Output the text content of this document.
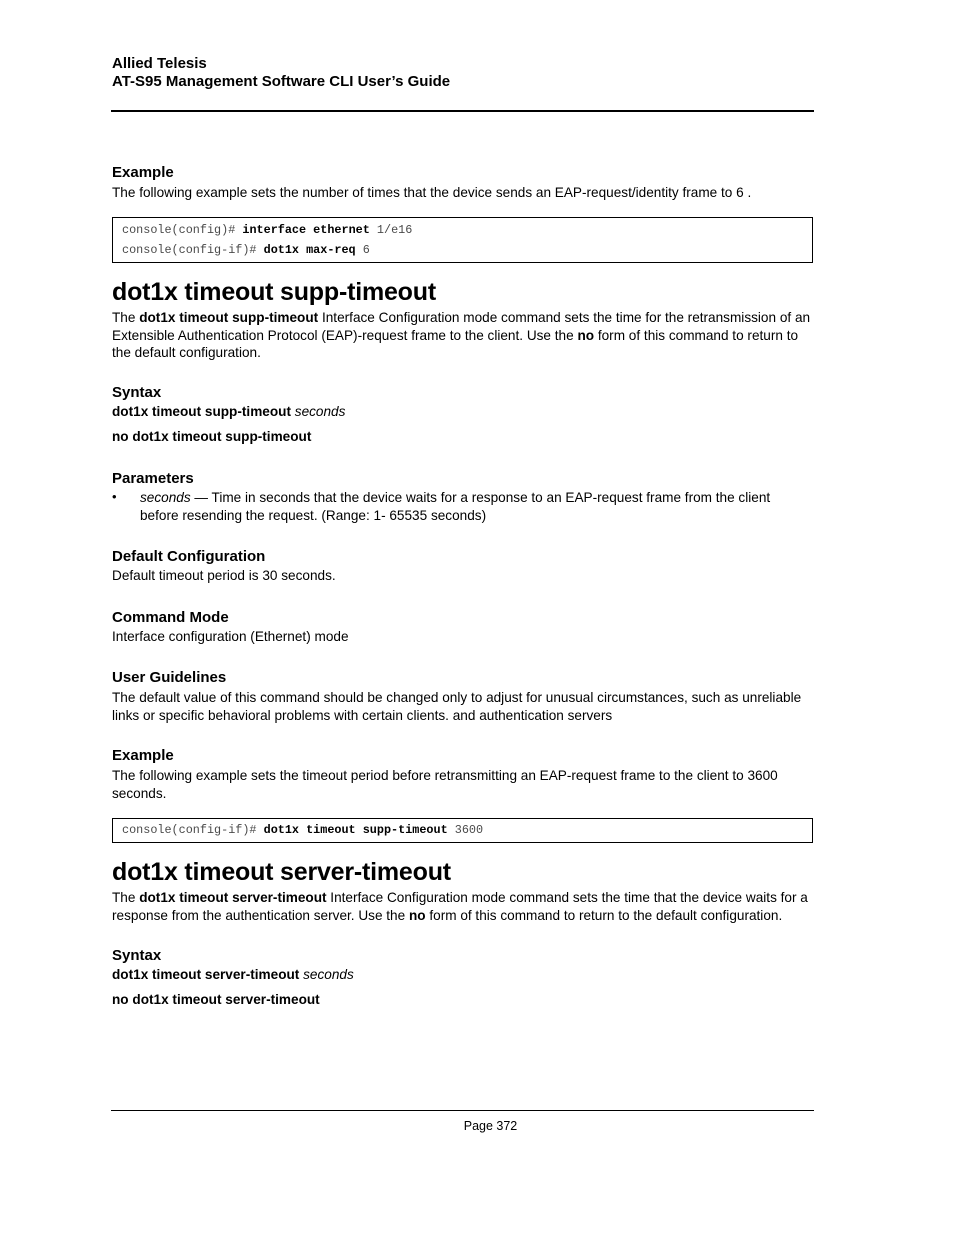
Allied Telesis
AT-S95 Management Software CLI User’s Guide
Example
The following example sets the number of times that the device sends an EAP-request/identity frame to 6 .
console(config)# interface ethernet 1/e16
console(config-if)# dot1x max-req 6
dot1x timeout supp-timeout
The dot1x timeout supp-timeout Interface Configuration mode command sets the time for the retransmission of an Extensible Authentication Protocol (EAP)-request frame to the client. Use the no form of this command to return to the default configuration.
Syntax
dot1x timeout supp-timeout seconds
no dot1x timeout supp-timeout
Parameters
• seconds — Time in seconds that the device waits for a response to an EAP-request frame from the client before resending the request. (Range: 1- 65535 seconds)
Default Configuration
Default timeout period is 30 seconds.
Command Mode
Interface configuration (Ethernet) mode
User Guidelines
The default value of this command should be changed only to adjust for unusual circumstances, such as unreliable links or specific behavioral problems with certain clients. and authentication servers
Example
The following example sets the timeout period before retransmitting an EAP-request frame to the client to 3600 seconds.
console(config-if)# dot1x timeout supp-timeout 3600
dot1x timeout server-timeout
The dot1x timeout server-timeout Interface Configuration mode command sets the time that the device waits for a response from the authentication server. Use the no form of this command to return to the default configuration.
Syntax
dot1x timeout server-timeout seconds
no dot1x timeout server-timeout
Page 372
